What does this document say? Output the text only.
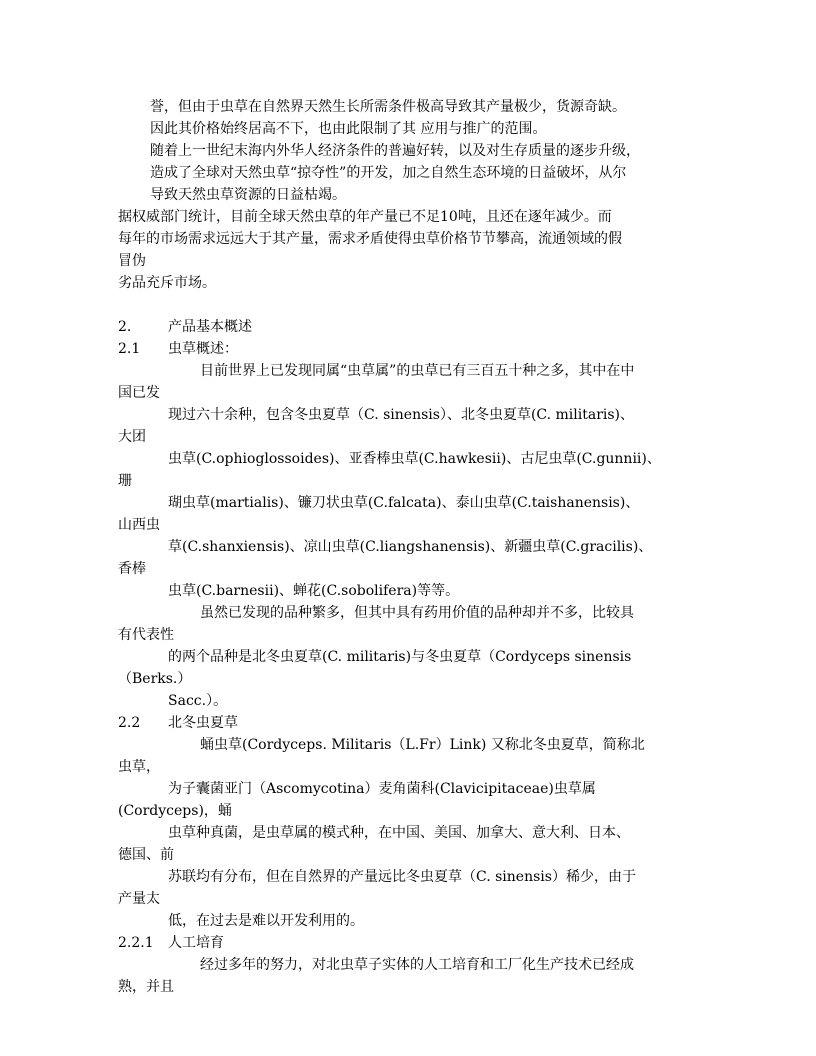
誉，但由于虫草在自然界天然生长所需条件极高导致其产量极少，货源奇缺。
因此其价格始终居高不下，也由此限制了其 应用与推广的范围。
随着上一世纪末海内外华人经济条件的普遍好转，以及对生存质量的逐步升级，
造成了全球对天然虫草“掠夺性”的开发，加之自然生态环境的日益破坏，从尔
导致天然虫草资源的日益枯竭。
据权威部门统计，目前全球天然虫草的年产量已不足10吨，且还在逐年减少。而
每年的市场需求远远大于其产量，需求矛盾使得虫草价格节节攀高，流通领域的假
冒伪
劣品充斥市场。
2.	产品基本概述
2.1 虫草概述：
目前世界上已发现同属“虫草属”的虫草已有三百五十种之多，其中在中
国已发
现过六十余种，包含冬虫夏草（C. sinensis）、北冬虫夏草(C. militaris)、
大团
虫草(C.ophioglossoides)、亚香棒虫草(C.hawkesii)、古尼虫草(C.gunnii)、
珊
瑚虫草(martialis)、镰刀状虫草(C.falcata)、泰山虫草(C.taishanensis)、
山西虫
草(C.shanxiensis)、凉山虫草(C.liangshanensis)、新疆虫草(C.gracilis)、
香棒
虫草(C.barnesii)、蝉花(C.sobolifera)等等。
虽然已发现的品种繁多，但其中具有药用价值的品种却并不多，比较具
有代表性
的两个品种是北冬虫夏草(C. militaris)与冬虫夏草（Cordyceps sinensis
（Berks.）
Sacc.）。
2.2 北冬虫夏草
蛹虫草(Cordyceps. Militaris（L.Fr）Link) 又称北冬虫夏草，简称北
虫草，
为子囊菌亚门（Ascomycotina）麦角菌科(Clavicipitaceae)虫草属
(Cordyceps)，蛹
虫草种真菌，是虫草属的模式种，在中国、美国、加拿大、意大利、日本、
德国、前
苏联均有分布，但在自然界的产量远比冬虫夏草（C. sinensis）稀少，由于
产量太
低，在过去是难以开发利用的。
2.2.1 人工培育
经过多年的努力，对北虫草子实体的人工培育和工厂化生产技术已经成
熟，并且
